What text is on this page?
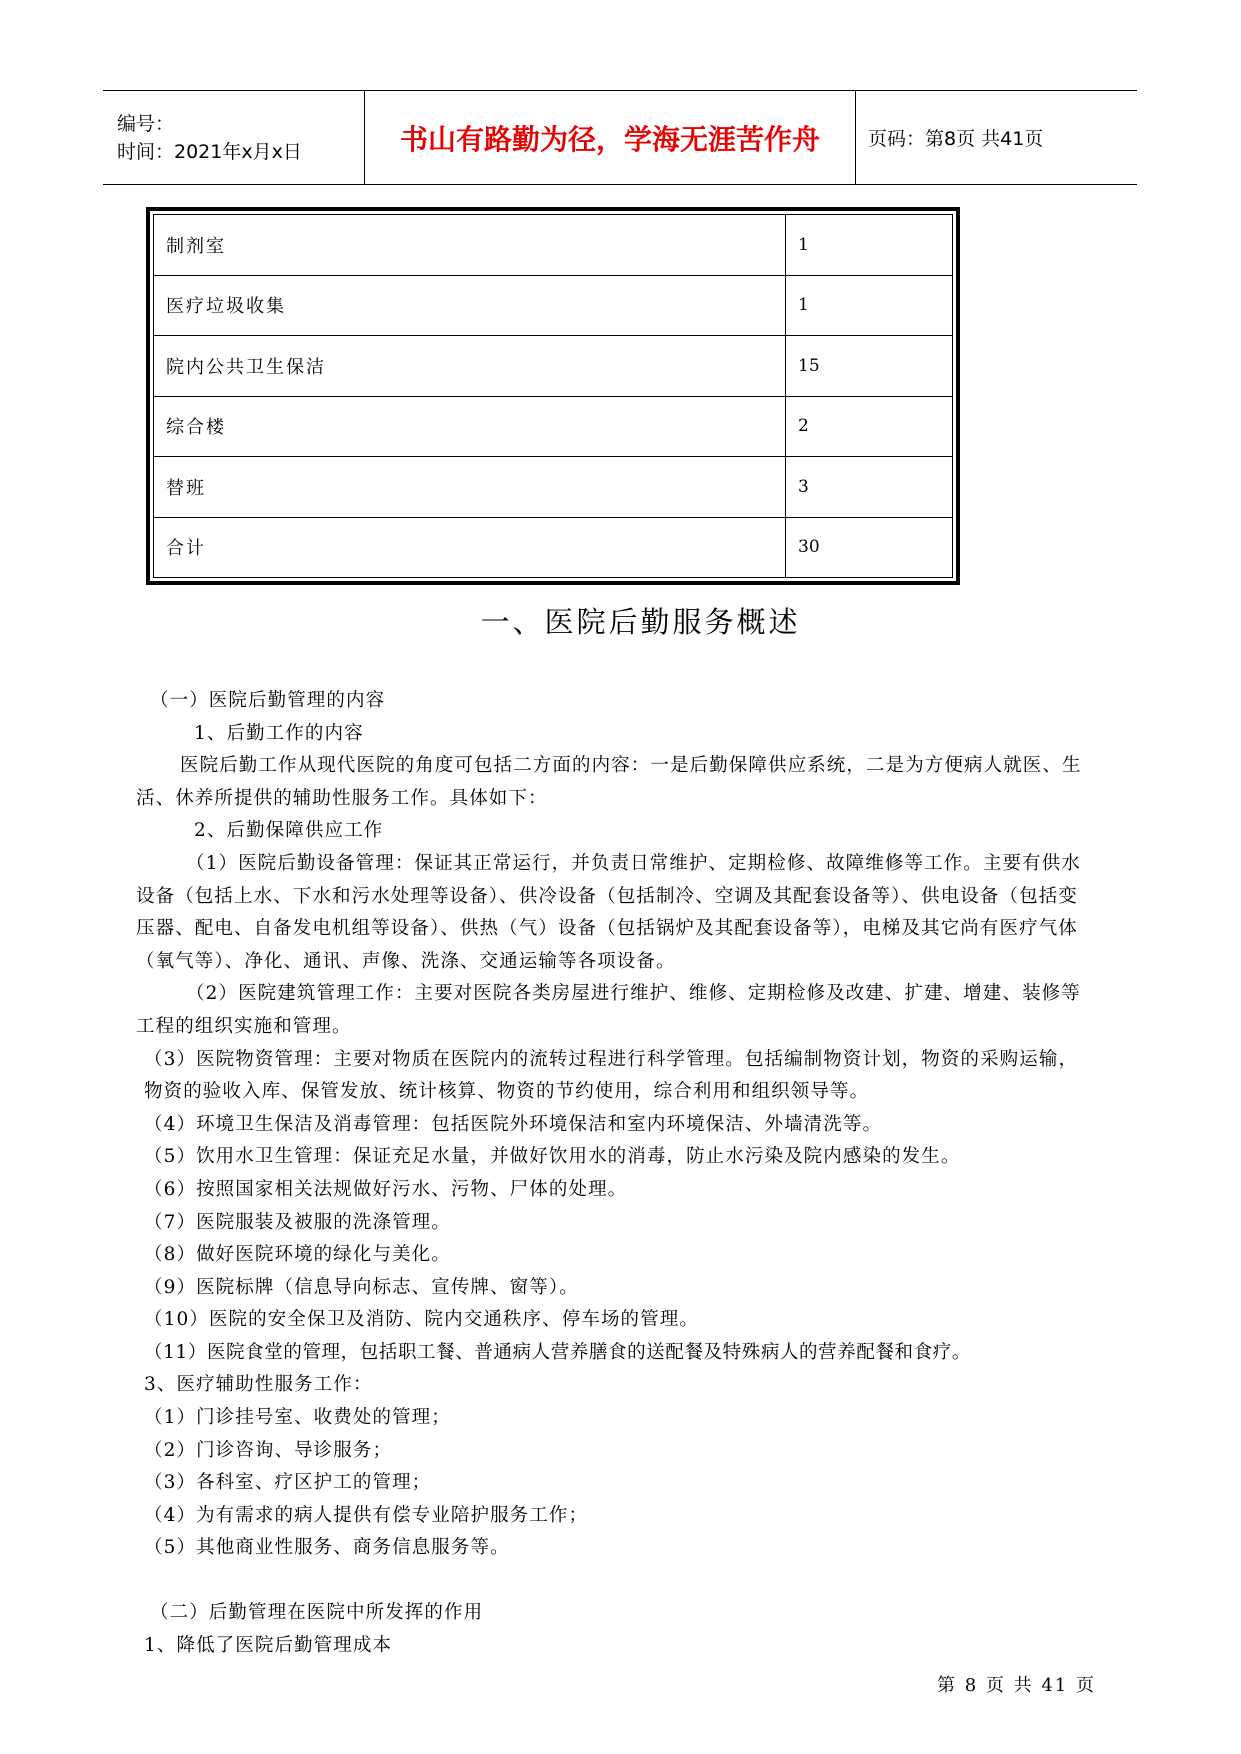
编号：
时间：2021年x月x日	书山有路勤为径，学海无涯苦作舟	页码：第8页 共41页
制剂室	1
医疗垃圾收集	1
院内公共卫生保洁	15
综合楼	2
替班	3
合计	30
一、医院后勤服务概述

（一）医院后勤管理的内容

1、后勤工作的内容

医院后勤工作从现代医院的角度可包括二方面的内容：一是后勤保障供应系统，二是为方便病人就医、生活、休养所提供的辅助性服务工作。具体如下：

2、后勤保障供应工作

（1）医院后勤设备管理：保证其正常运行，并负责日常维护、定期检修、故障维修等工作。主要有供水设备（包括上水、下水和污水处理等设备）、供冷设备（包括制冷、空调及其配套设备等）、供电设备（包括变压器、配电、自备发电机组等设备）、供热（气）设备（包括锅炉及其配套设备等），电梯及其它尚有医疗气体（氧气等）、净化、通讯、声像、洗涤、交通运输等各项设备。

（2）医院建筑管理工作：主要对医院各类房屋进行维护、维修、定期检修及改建、扩建、增建、装修等工程的组织实施和管理。

（3）医院物资管理：主要对物质在医院内的流转过程进行科学管理。包括编制物资计划，物资的采购运输，物资的验收入库、保管发放、统计核算、物资的节约使用，综合利用和组织领导等。

（4）环境卫生保洁及消毒管理：包括医院外环境保洁和室内环境保洁、外墙清洗等。

（5）饮用水卫生管理：保证充足水量，并做好饮用水的消毒，防止水污染及院内感染的发生。

（6）按照国家相关法规做好污水、污物、尸体的处理。

（7）医院服装及被服的洗涤管理。

（8）做好医院环境的绿化与美化。

（9）医院标牌（信息导向标志、宣传牌、窗等）。

（10）医院的安全保卫及消防、院内交通秩序、停车场的管理。

（11）医院食堂的管理，包括职工餐、普通病人营养膳食的送配餐及特殊病人的营养配餐和食疗。

3、医疗辅助性服务工作：

（1）门诊挂号室、收费处的管理；

（2）门诊咨询、导诊服务；

（3）各科室、疗区护工的管理；

（4）为有需求的病人提供有偿专业陪护服务工作；

（5）其他商业性服务、商务信息服务等。

（二）后勤管理在医院中所发挥的作用

1、降低了医院后勤管理成本

第 8 页 共 41 页
